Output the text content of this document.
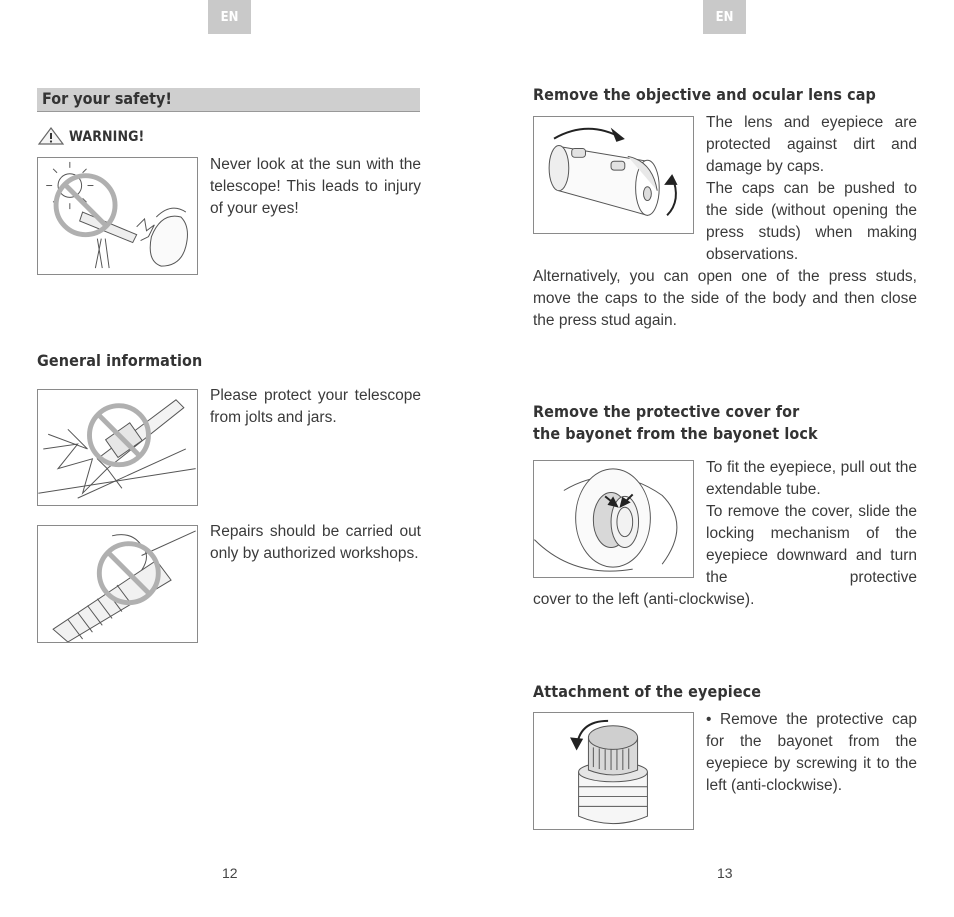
EN
For your safety!
WARNING!
Never look at the sun with the telescope! This leads to injury of your eyes!
General information
Please protect your telescope from jolts and jars.
Repairs should be carried out only by authorized workshops.
12
EN
Remove the objective and ocular lens cap
The lens and eyepiece are protected against dirt and damage by caps.
The caps can be pushed to the side (without opening the press studs) when making observations.
Alternatively, you can open one of the press studs, move the caps to the side of the body and then close the press stud again.
Remove the protective cover for
the bayonet from the bayonet lock
To fit the eyepiece, pull out the extendable tube.
To remove the cover, slide the locking mechanism of the eyepiece downward and turn the protective
cover to the left (anti-clockwise).
Attachment of the eyepiece
• Remove the protective cap for the bayonet from the eyepiece by screwing it to the left (anti-clockwise).
13
